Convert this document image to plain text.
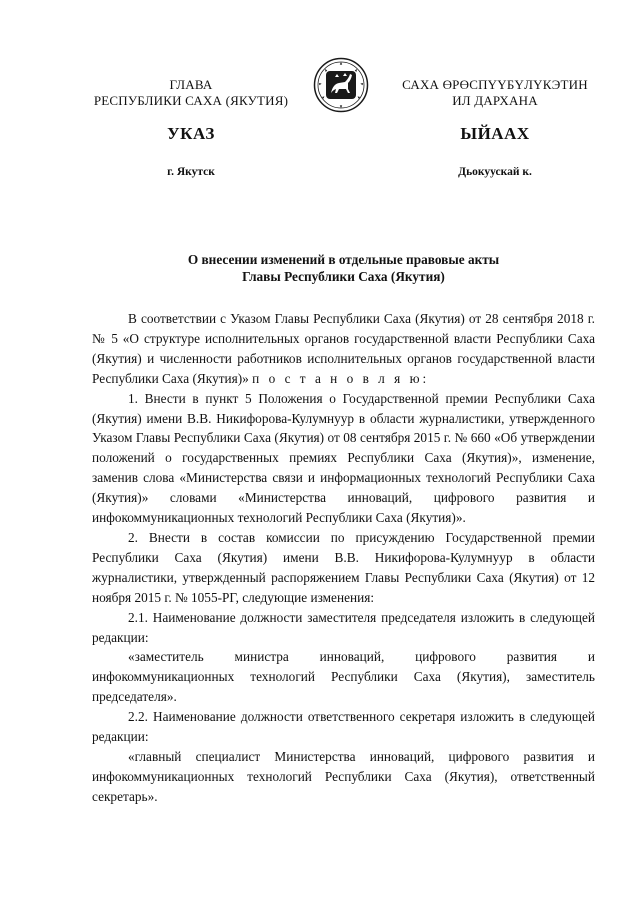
ГЛАВА
РЕСПУБЛИКИ САХА (ЯКУТИЯ)
САХА ӨРӨСПҮҮБҮЛҮКЭТИН
ИЛ ДАРХАНА
УКАЗ	ЫЙААХ
г. Якутск	Дьокуускай к.
О внесении изменений в отдельные правовые акты
Главы Республики Саха (Якутия)

В соответствии с Указом Главы Республики Саха (Якутия) от 28 сентября 2018 г. № 5 «О структуре исполнительных органов государственной власти Республики Саха (Якутия) и численности работников исполнительных органов государственной власти Республики Саха (Якутия)» п о с т а н о в л я ю:

1. Внести в пункт 5 Положения о Государственной премии Республики Саха (Якутия) имени В.В. Никифорова-Кулумнуур в области журналистики, утвержденного Указом Главы Республики Саха (Якутия) от 08 сентября 2015 г. № 660 «Об утверждении положений о государственных премиях Республики Саха (Якутия)», изменение, заменив слова «Министерства связи и информационных технологий Республики Саха (Якутия)» словами «Министерства инноваций, цифрового развития и инфокоммуникационных технологий Республики Саха (Якутия)».

2. Внести в состав комиссии по присуждению Государственной премии Республики Саха (Якутия) имени В.В. Никифорова-Кулумнуур в области журналистики, утвержденный распоряжением Главы Республики Саха (Якутия) от 12 ноября 2015 г. № 1055-РГ, следующие изменения:

2.1. Наименование должности заместителя председателя изложить в следующей редакции:

«заместитель министра инноваций, цифрового развития и инфокоммуникационных технологий Республики Саха (Якутия), заместитель председателя».

2.2. Наименование должности ответственного секретаря изложить в следующей редакции:

«главный специалист Министерства инноваций, цифрового развития и инфокоммуникационных технологий Республики Саха (Якутия), ответственный секретарь».
